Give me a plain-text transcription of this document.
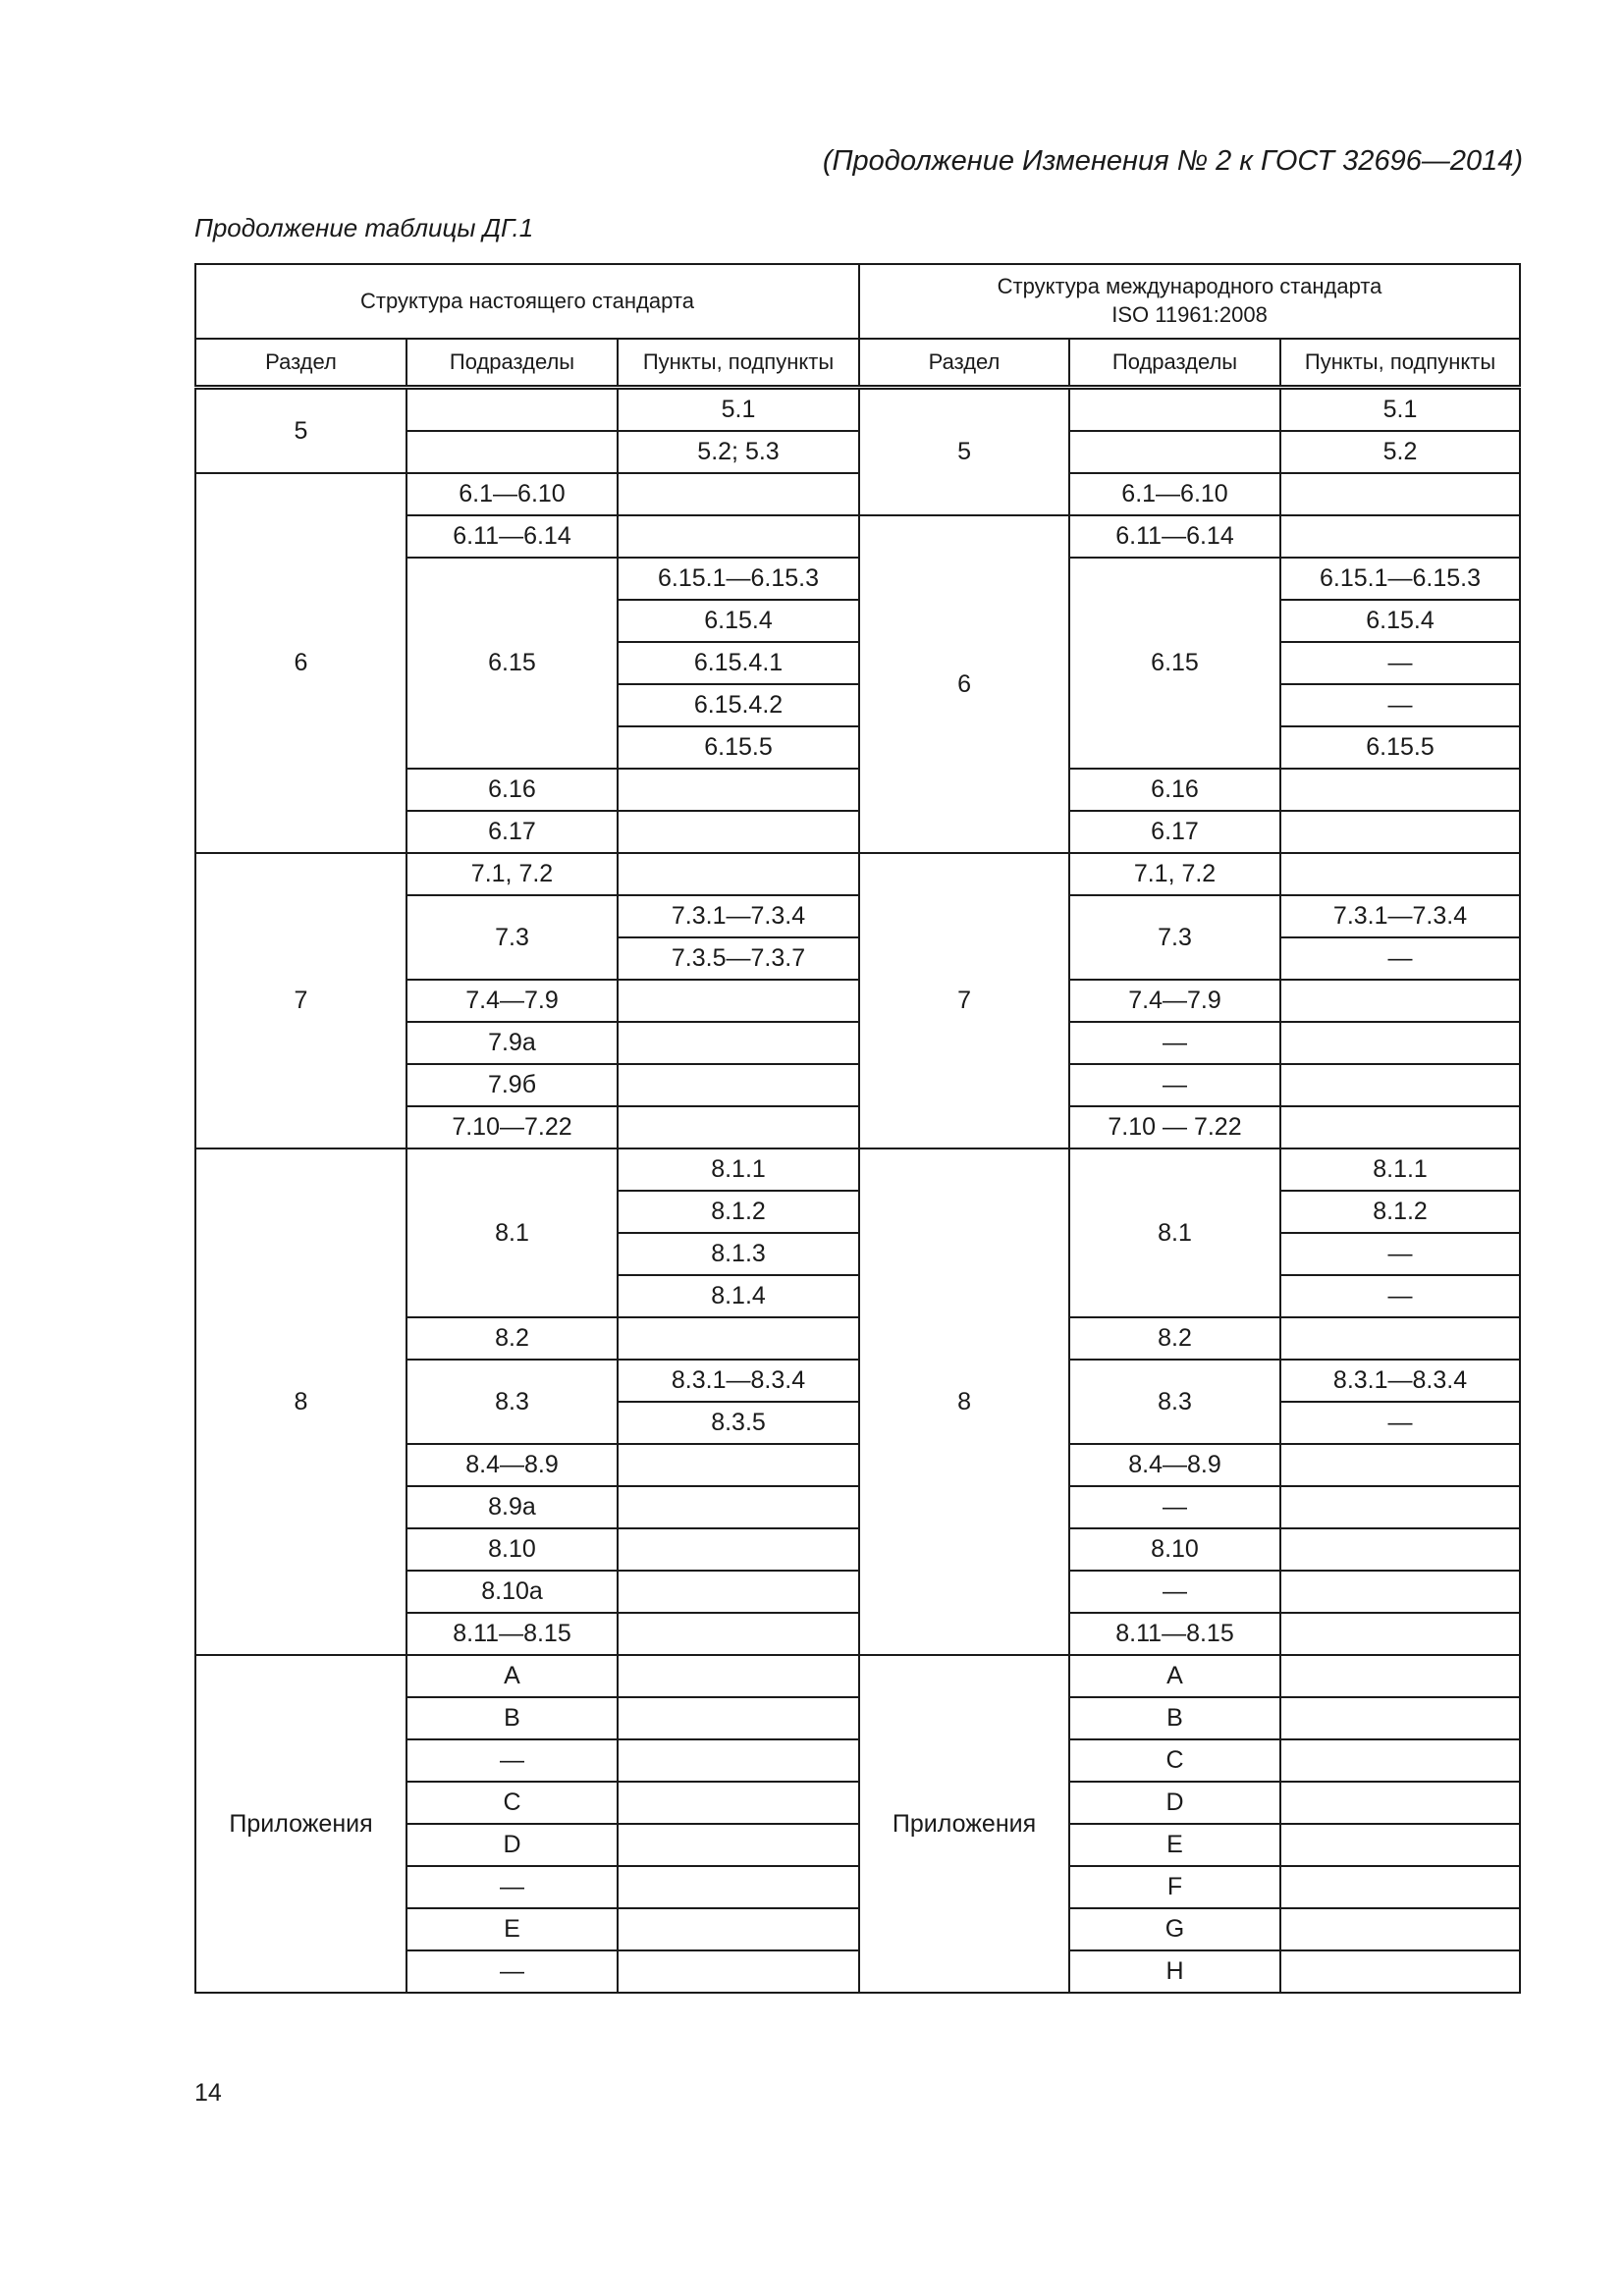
(Продолжение Изменения № 2 к ГОСТ 32696—2014)
Продолжение таблицы ДГ.1
Структура настоящего стандарта			Структура международного стандарта
ISO 11961:2008		
Раздел	Подразделы	Пункты, подпункты	Раздел	Подразделы	Пункты, подпункты
5		5.1	5		5.1
		5.2; 5.3			5.2
6	6.1—6.10			6.1—6.10	
	6.11—6.14		6	6.11—6.14	
	6.15	6.15.1—6.15.3		6.15	6.15.1—6.15.3
		6.15.4			6.15.4
		6.15.4.1			—
		6.15.4.2			—
		6.15.5			6.15.5
	6.16			6.16	
	6.17			6.17	
7	7.1, 7.2		7	7.1, 7.2	
	7.3	7.3.1—7.3.4		7.3	7.3.1—7.3.4
		7.3.5—7.3.7			—
	7.4—7.9			7.4—7.9	
	7.9а			—	
	7.9б			—	
	7.10—7.22			7.10 — 7.22	
8	8.1	8.1.1	8	8.1	8.1.1
		8.1.2			8.1.2
		8.1.3			—
		8.1.4			—
	8.2			8.2	
	8.3	8.3.1—8.3.4		8.3	8.3.1—8.3.4
		8.3.5			—
	8.4—8.9			8.4—8.9	
	8.9а			—	
	8.10			8.10	
	8.10а			—	
	8.11—8.15			8.11—8.15	
Приложения	A		Приложения	A	
	B			B	
	—			C	
	C			D	
	D			E	
	—			F	
	E			G	
	—			H	
14
